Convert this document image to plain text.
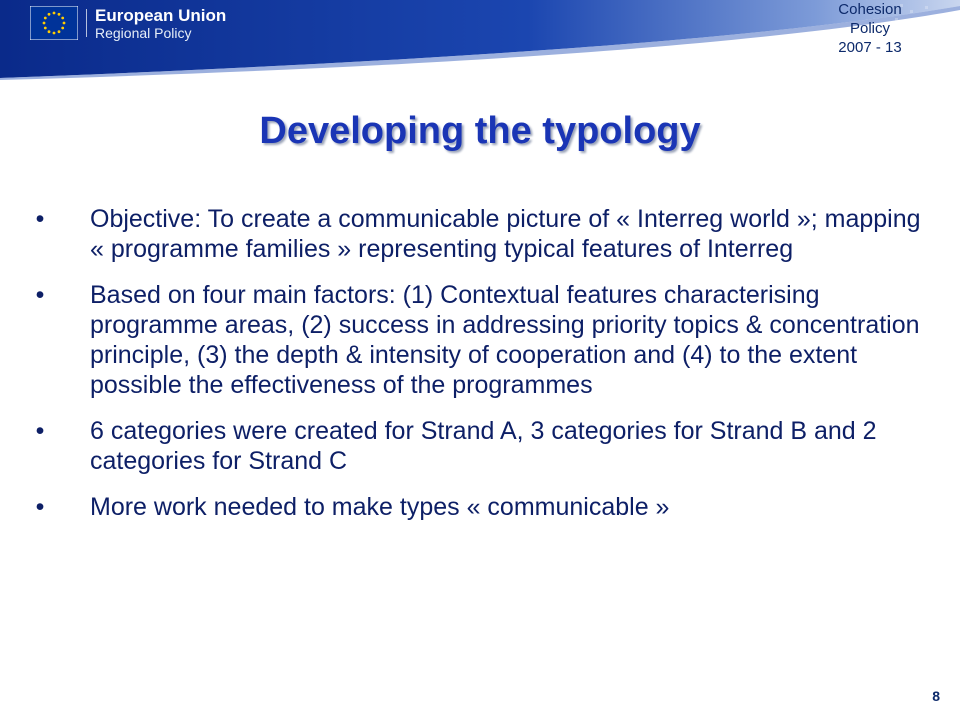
European Union
Regional Policy
Cohesion
Policy
2007 - 13
Developing the typology
• Objective: To create a communicable picture of « Interreg world »; mapping « programme families » representing typical features of Interreg
• Based on four main factors: (1) Contextual features characterising programme areas, (2) success in addressing priority topics & concentration principle, (3) the depth & intensity of cooperation and (4) to the extent possible the effectiveness of the programmes
• 6 categories were created for Strand A, 3 categories for Strand B and 2 categories for Strand C
• More work needed to make types « communicable »
8
